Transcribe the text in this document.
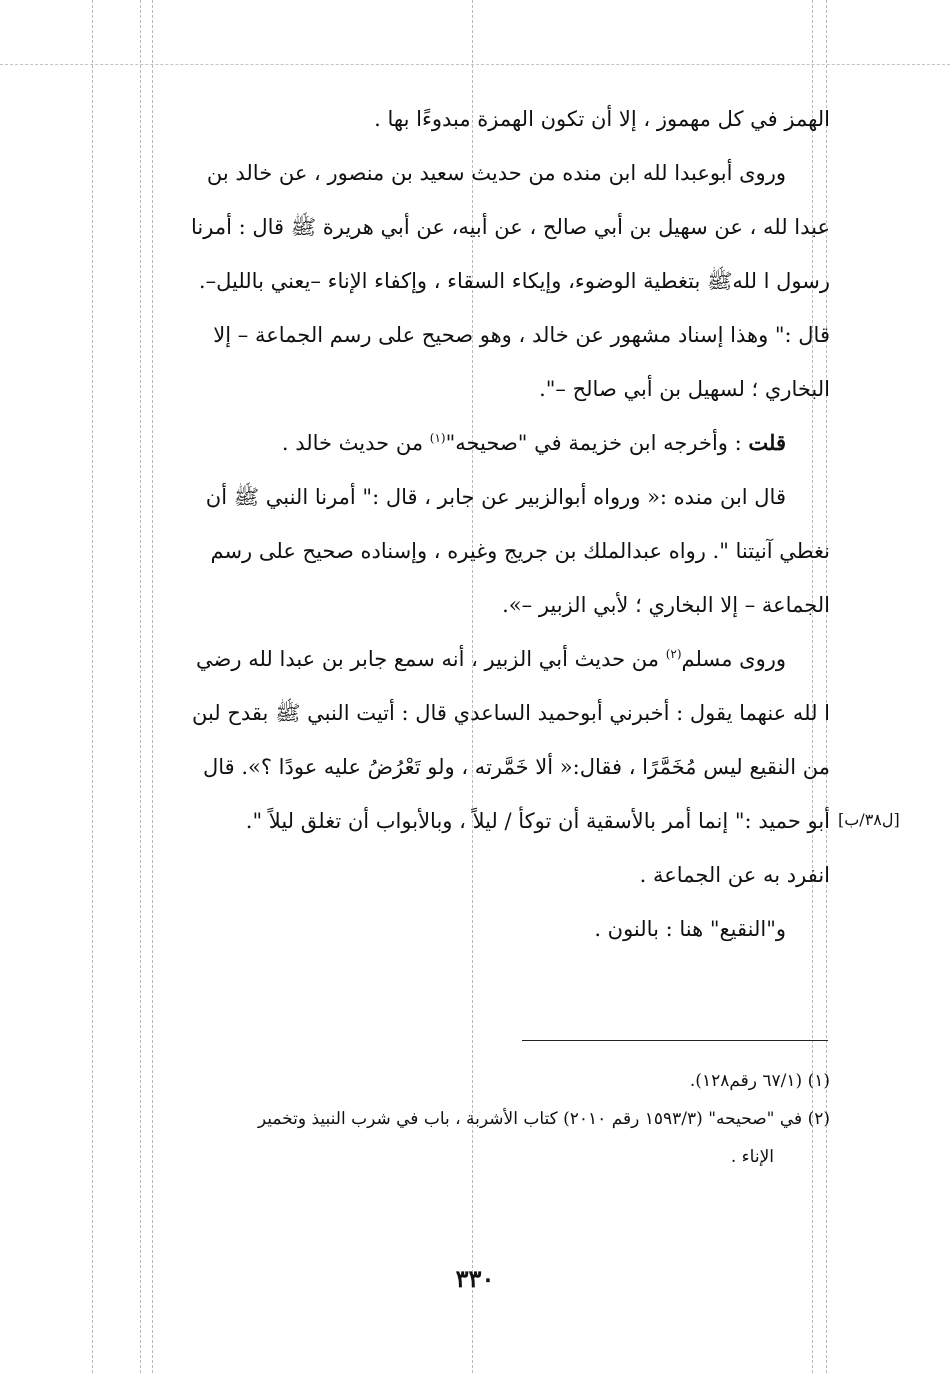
الهمز في كل مهموز ، إلا أن تكون الهمزة مبدوءًا بها .
وروى أبوعبدا لله ابن منده من حديث سعيد بن منصور ، عن خالد بن
عبدا لله ، عن سهيل بن أبي صالح ، عن أبيه، عن أبي هريرة ﷺ قال : أمرنا
رسول ا للهﷺ بتغطية الوضوء، وإيكاء السقاء ، وإكفاء الإناء –يعني بالليل–.
قال :" وهذا إسناد مشهور عن خالد ، وهو صحيح على رسم الجماعة – إلا
البخاري ؛ لسهيل بن أبي صالح –".
قلت : وأخرجه ابن خزيمة في "صحيحه"$^{(١)}$ من حديث خالد .
قال ابن منده :« ورواه أبوالزبير عن جابر ، قال :" أمرنا النبي ﷺ أن
نغطي آنيتنا ". رواه عبدالملك بن جريج وغيره ، وإسناده صحيح على رسم
الجماعة – إلا البخاري ؛ لأبي الزبير –».
وروى مسلم$^{(٢)}$ من حديث أبي الزبير ، أنه سمع جابر بن عبدا لله رضي
ا لله عنهما يقول : أخبرني أبوحميد الساعدي قال : أتيت النبي ﷺ بقدح لبن
من النقيع ليس مُخَمَّرًا ، فقال:« ألا خَمَّرته ، ولو تَعْرُضُ عليه عودًا ؟». قال
أبو حميد :" إنما أمر بالأسقية أن توكأ / ليلاً ، وبالأبواب أن تغلق ليلاً ".
انفرد به عن الجماعة .
و"النقيع" هنا : بالنون .
[ل٣٨/ب]
(١) (٦٧/١ رقم١٢٨).
(٢) في "صحيحه" (١٥٩٣/٣ رقم ٢٠١٠) كتاب الأشربة ، باب في شرب النبيذ وتخمير
الإناء .
٣٣٠
